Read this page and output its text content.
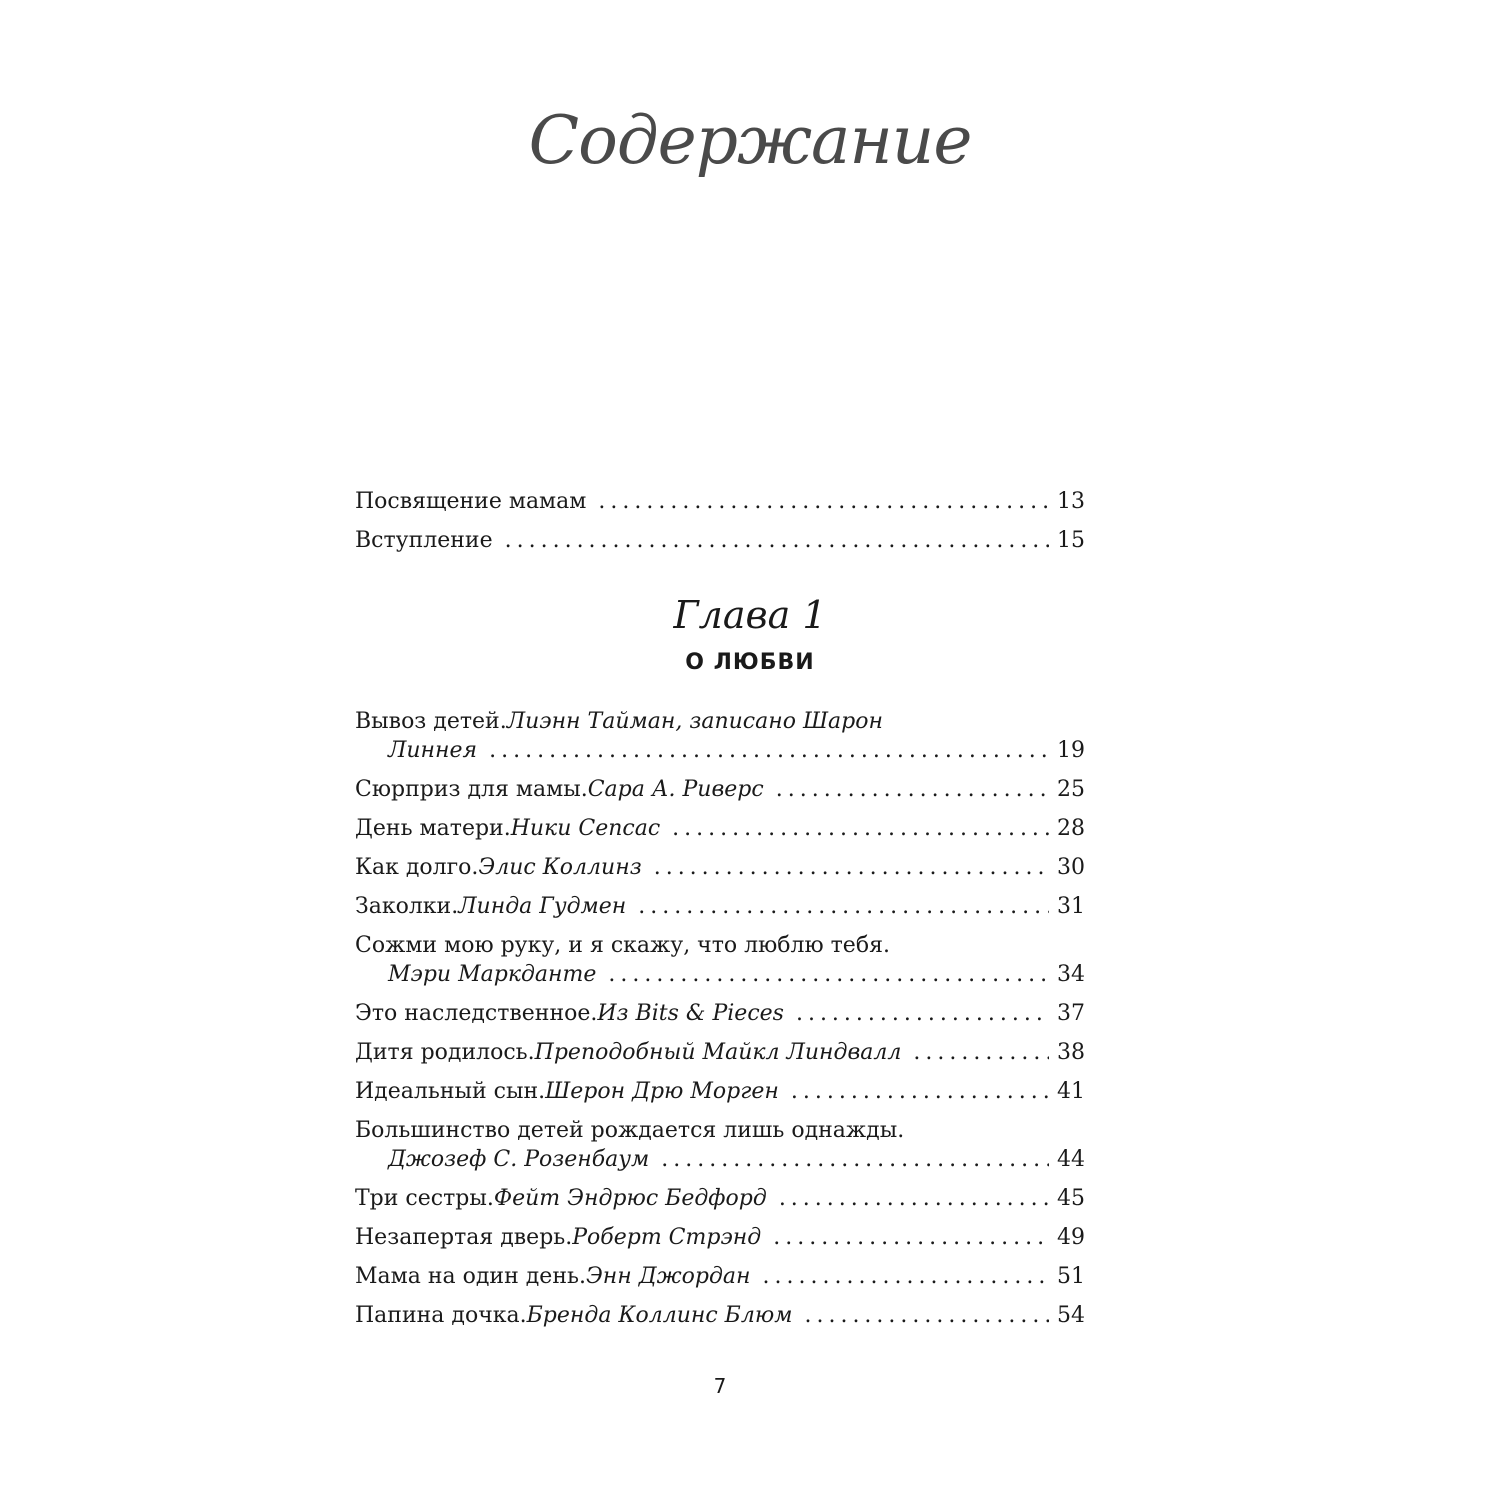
Содержание
Посвящение мамам .....	13
Вступление .....	15
Глава 1
О ЛЮБВИ
Вывоз детей. Лиэнн Тайман, записано Шарон
Линнея .....	19
Сюрприз для мамы. Сара А. Риверс .....	25
День матери. Ники Сепсас .....	28
Как долго. Элис Коллинз .....	30
Заколки. Линда Гудмен .....	31
Сожми мою руку, и я скажу, что люблю тебя.
Мэри Маркданте .....	34
Это наследственное. Из Bits & Pieces .....	37
Дитя родилось. Преподобный Майкл Линдвалл .....	38
Идеальный сын. Шерон Дрю Морген .....	41
Большинство детей рождается лишь однажды.
Джозеф С. Розенбаум .....	44
Три сестры. Фейт Эндрюс Бедфорд .....	45
Незапертая дверь. Роберт Стрэнд .....	49
Мама на один день. Энн Джордан .....	51
Папина дочка. Бренда Коллинс Блюм .....	54
7
